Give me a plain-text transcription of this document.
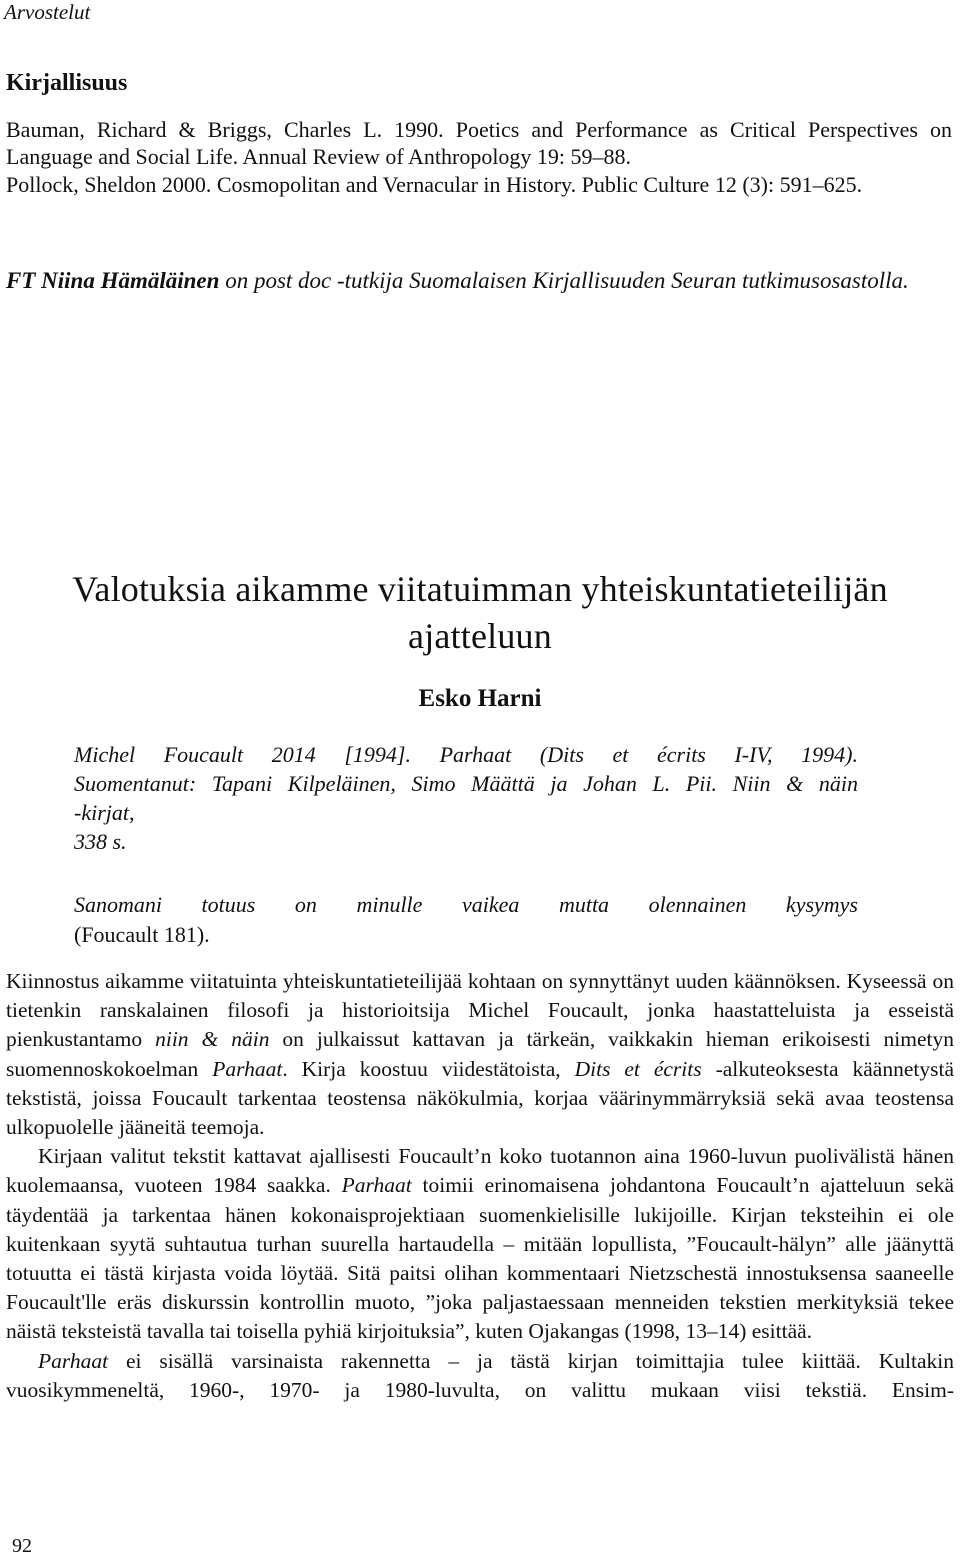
Arvostelut
Kirjallisuus

Bauman, Richard & Briggs, Charles L. 1990. Poetics and Performance as Critical Perspectives on Language and Social Life. Annual Review of Anthropology 19: 59–88.

Pollock, Sheldon 2000. Cosmopolitan and Vernacular in History. Public Culture 12 (3): 591–625.

FT Niina Hämäläinen on post doc -tutkija Suomalaisen Kirjallisuuden Seuran tutkimusosastolla.

Valotuksia aikamme viitatuimman yhteiskuntatieteilijän ajatteluun
Esko Harni

Michel Foucault 2014 [1994]. Parhaat (Dits et écrits I-IV, 1994).
Suomentanut: Tapani Kilpeläinen, Simo Määttä ja Johan L. Pii. Niin & näin
-kirjat,
338 s.

Sanomani totuus on minulle vaikea mutta olennainen kysymys
(Foucault 181).

Kiinnostus aikamme viitatuinta yhteiskuntatieteilijää kohtaan on synnyttänyt uuden käännöksen. Kyseessä on tietenkin ranskalainen filosofi ja historioitsija Michel Foucault, jonka haastatteluista ja esseistä pienkustantamo niin & näin on julkaissut kattavan ja tärkeän, vaikkakin hieman erikoisesti nimetyn suomennoskokoelman Parhaat. Kirja koostuu viidestätoista, Dits et écrits -alkuteoksesta käännetystä tekstistä, joissa Foucault tarkentaa teostensa näkökulmia, korjaa väärinymmärryksiä sekä avaa teostensa ulkopuolelle jääneitä teemoja.

Kirjaan valitut tekstit kattavat ajallisesti Foucault’n koko tuotannon aina 1960-luvun puolivälistä hänen kuolemaansa, vuoteen 1984 saakka. Parhaat toimii erinomaisena johdantona Foucault’n ajatteluun sekä täydentää ja tarkentaa hänen kokonaisprojektiaan suomenkielisille lukijoille. Kirjan teksteihin ei ole kuitenkaan syytä suhtautua turhan suurella hartaudella – mitään lopullista, ”Foucault-hälyn” alle jäänyttä totuutta ei tästä kirjasta voida löytää. Sitä paitsi olihan kommentaari Nietzschestä innostuksensa saaneelle Foucault'lle eräs diskurssin kontrollin muoto, ”joka paljastaessaan menneiden tekstien merkityksiä tekee näistä teksteistä tavalla tai toisella pyhiä kirjoituksia”, kuten Ojakangas (1998, 13–14) esittää.

Parhaat ei sisällä varsinaista rakennetta – ja tästä kirjan toimittajia tulee kiittää. Kultakin vuosikymmeneltä, 1960-, 1970- ja 1980-luvulta, on valittu mukaan viisi tekstiä. Ensim-

92
